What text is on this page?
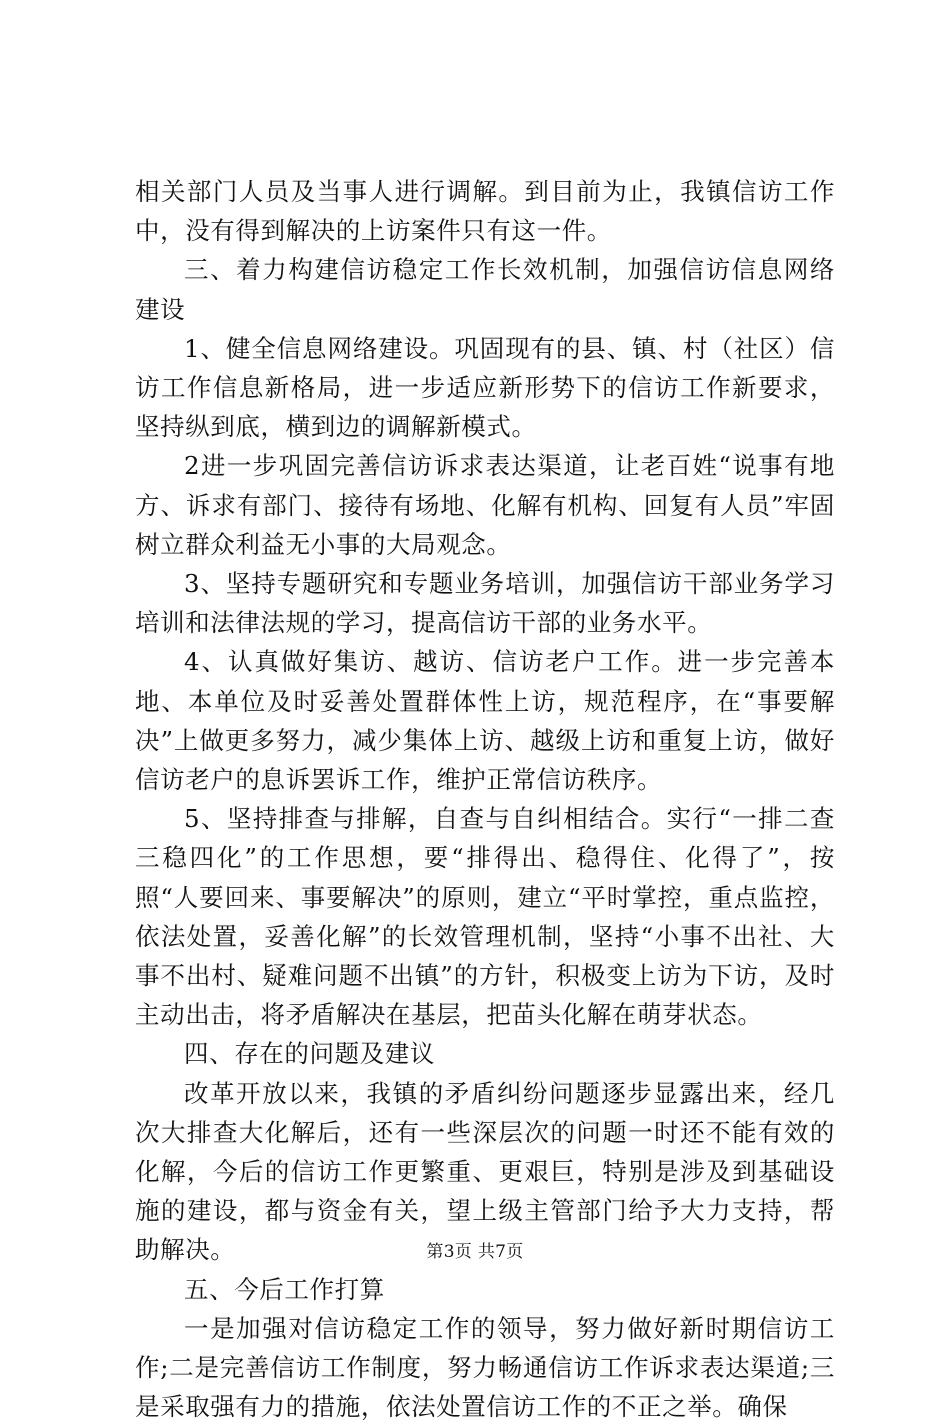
相关部门人员及当事人进行调解。到目前为止，我镇信访工作中，没有得到解决的上访案件只有这一件。

三、着力构建信访稳定工作长效机制，加强信访信息网络建设

1、健全信息网络建设。巩固现有的县、镇、村（社区）信访工作信息新格局，进一步适应新形势下的信访工作新要求，坚持纵到底，横到边的调解新模式。

2进一步巩固完善信访诉求表达渠道，让老百姓“说事有地方、诉求有部门、接待有场地、化解有机构、回复有人员”牢固树立群众利益无小事的大局观念。

3、坚持专题研究和专题业务培训，加强信访干部业务学习培训和法律法规的学习，提高信访干部的业务水平。

4、认真做好集访、越访、信访老户工作。进一步完善本地、本单位及时妥善处置群体性上访，规范程序，在“事要解决”上做更多努力，减少集体上访、越级上访和重复上访，做好信访老户的息诉罢诉工作，维护正常信访秩序。

5、坚持排查与排解，自查与自纠相结合。实行“一排二查三稳四化”的工作思想，要“排得出、稳得住、化得了”，按照“人要回来、事要解决”的原则，建立“平时掌控，重点监控，依法处置，妥善化解”的长效管理机制，坚持“小事不出社、大事不出村、疑难问题不出镇”的方针，积极变上访为下访，及时主动出击，将矛盾解决在基层，把苗头化解在萌芽状态。

四、存在的问题及建议

改革开放以来，我镇的矛盾纠纷问题逐步显露出来，经几次大排查大化解后，还有一些深层次的问题一时还不能有效的化解，今后的信访工作更繁重、更艰巨，特别是涉及到基础设施的建设，都与资金有关，望上级主管部门给予大力支持，帮助解决。

五、今后工作打算

一是加强对信访稳定工作的领导，努力做好新时期信访工作;二是完善信访工作制度，努力畅通信访工作诉求表达渠道;三是采取强有力的措施，依法处置信访工作的不正之举。确保

第3页 共7页
